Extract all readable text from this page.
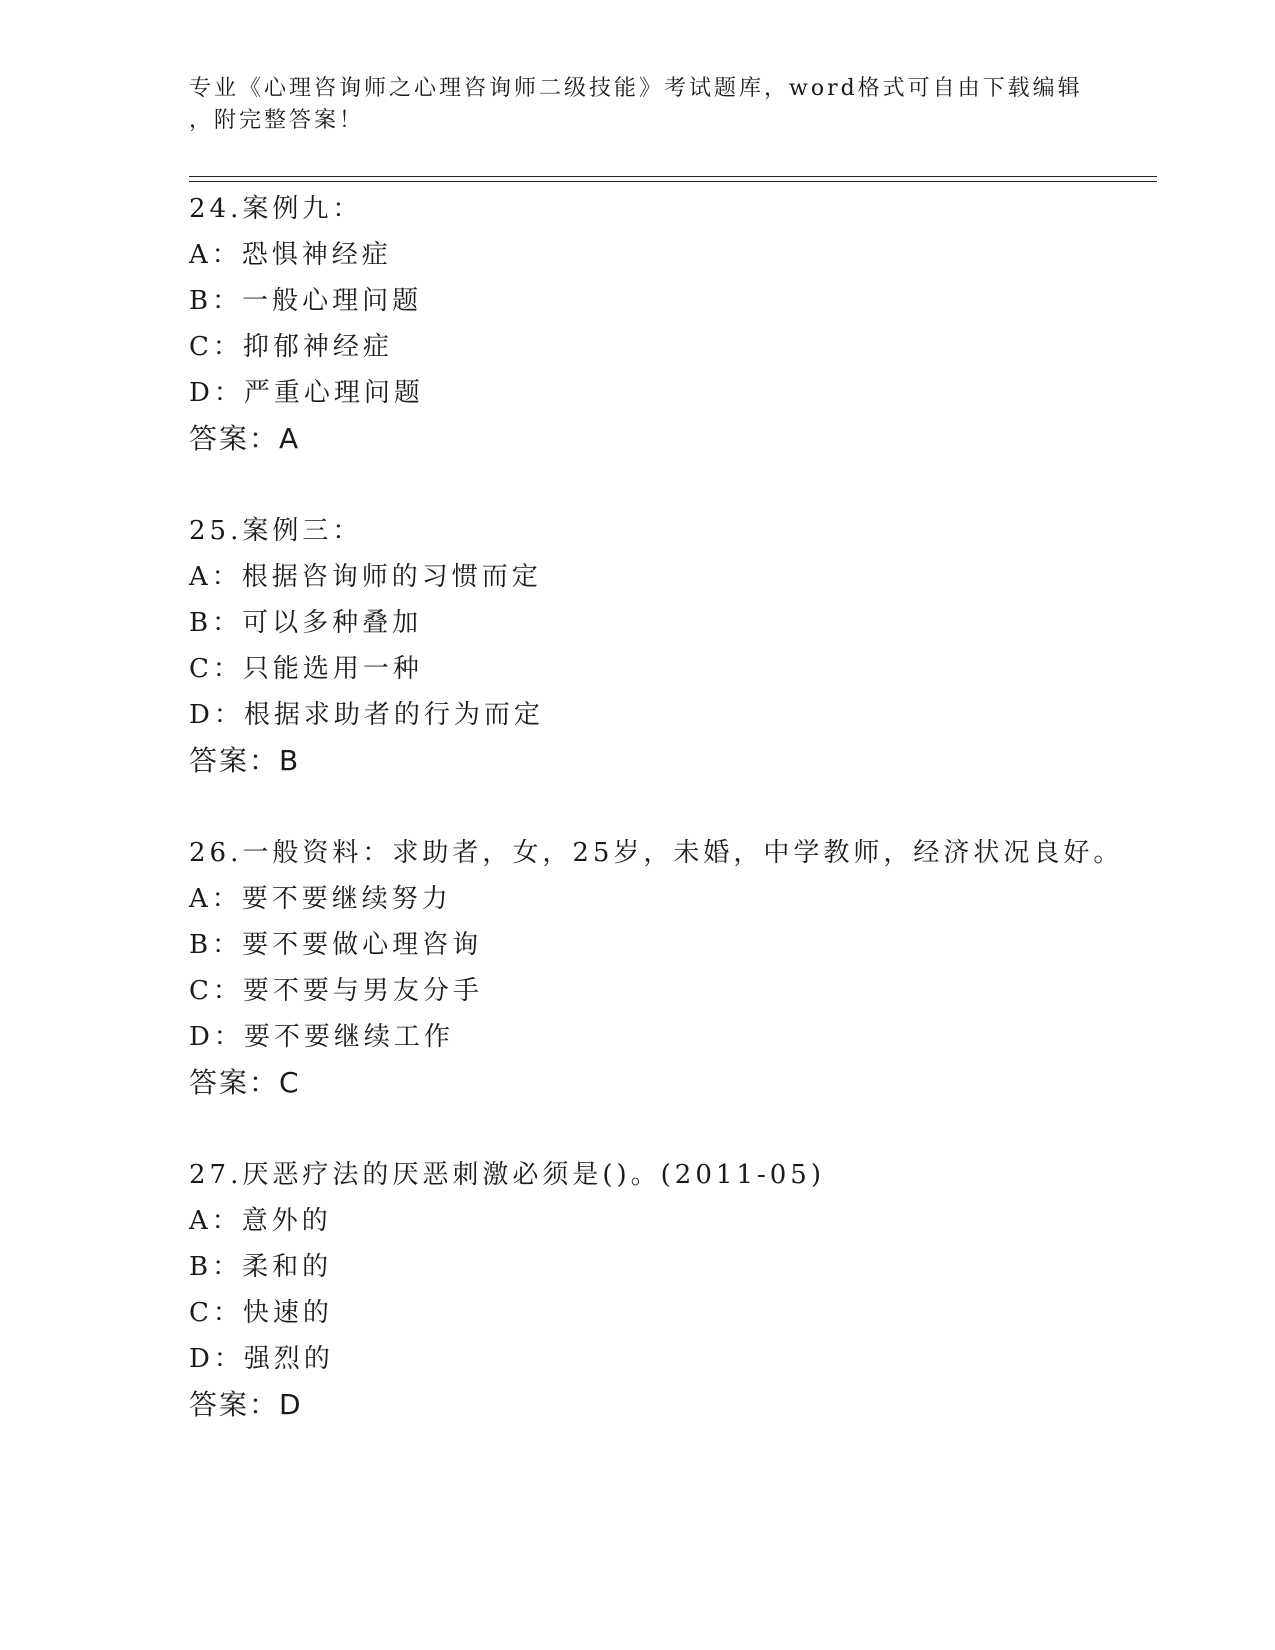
专业《心理咨询师之心理咨询师二级技能》考试题库，word格式可自由下载编辑
，附完整答案！
24.案例九：
A：恐惧神经症
B：一般心理问题
C：抑郁神经症
D：严重心理问题
答案：A
25.案例三：
A：根据咨询师的习惯而定
B：可以多种叠加
C：只能选用一种
D：根据求助者的行为而定
答案：B
26.一般资料：求助者，女，25岁，未婚，中学教师，经济状况良好。
A：要不要继续努力
B：要不要做心理咨询
C：要不要与男友分手
D：要不要继续工作
答案：C
27.厌恶疗法的厌恶刺激必须是()。(2011-05)
A：意外的
B：柔和的
C：快速的
D：强烈的
答案：D
